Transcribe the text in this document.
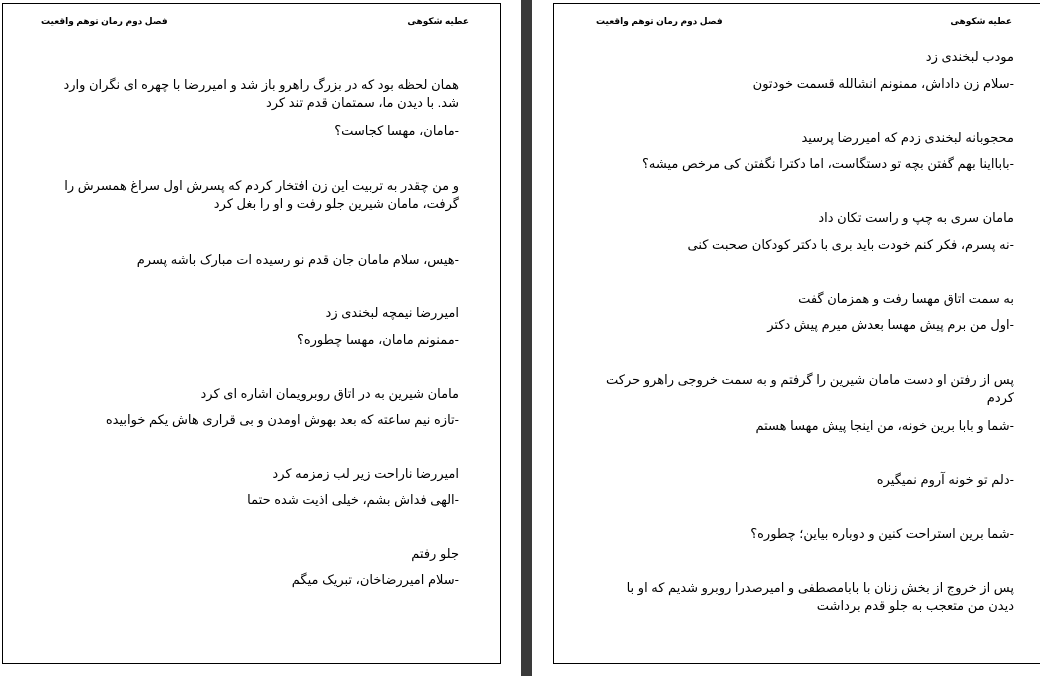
فصل دوم رمان توهم واقعیت	عطیه شکوهی

همان لحظه بود که در بزرگ راهرو باز شد و امیررضا با چهره ای نگران وارد شد. با دیدن ما، سمتمان قدم تند کرد

-مامان، مهسا کجاست؟

و من چقدر به تربیت این زن افتخار کردم که پسرش اول سراغ همسرش را گرفت، مامان شیرین جلو رفت و او را بغل کرد

-هیس، سلام مامان جان قدم نو رسیده ات مبارک باشه پسرم

امیررضا نیمچه لبخندی زد

-ممنونم مامان، مهسا چطوره؟

مامان شیرین به در اتاق روبرویمان اشاره ای کرد

-تازه نیم ساعته که بعد بهوش اومدن و بی قراری هاش یکم خوابیده

امیررضا ناراحت زیر لب زمزمه کرد

-الهی فداش بشم، خیلی اذیت شده حتما

جلو رفتم

-سلام امیررضاخان، تبریک میگم

فصل دوم رمان توهم واقعیت	عطیه شکوهی

مودب لبخندی زد

-سلام زن داداش، ممنونم انشالله قسمت خودتون

محجوبانه لبخندی زدم که امیررضا پرسید

-بابااینا بهم گفتن بچه تو دستگاست، اما دکترا نگفتن کی مرخص میشه؟

مامان سری به چپ و راست تکان داد

-نه پسرم، فکر کنم خودت باید بری با دکتر کودکان صحبت کنی

به سمت اتاق مهسا رفت و همزمان گفت

-اول من برم پیش مهسا بعدش میرم پیش دکتر

پس از رفتن او دست مامان شیرین را گرفتم و به سمت خروجی راهرو حرکت کردم

-شما و بابا برین خونه، من اینجا پیش مهسا هستم

-دلم تو خونه آروم نمیگیره

-شما برین استراحت کنین و دوباره بیاین؛ چطوره؟

پس از خروج از بخش زنان با بابامصطفی و امیرصدرا روبرو شدیم که او با دیدن من متعجب به جلو قدم برداشت
